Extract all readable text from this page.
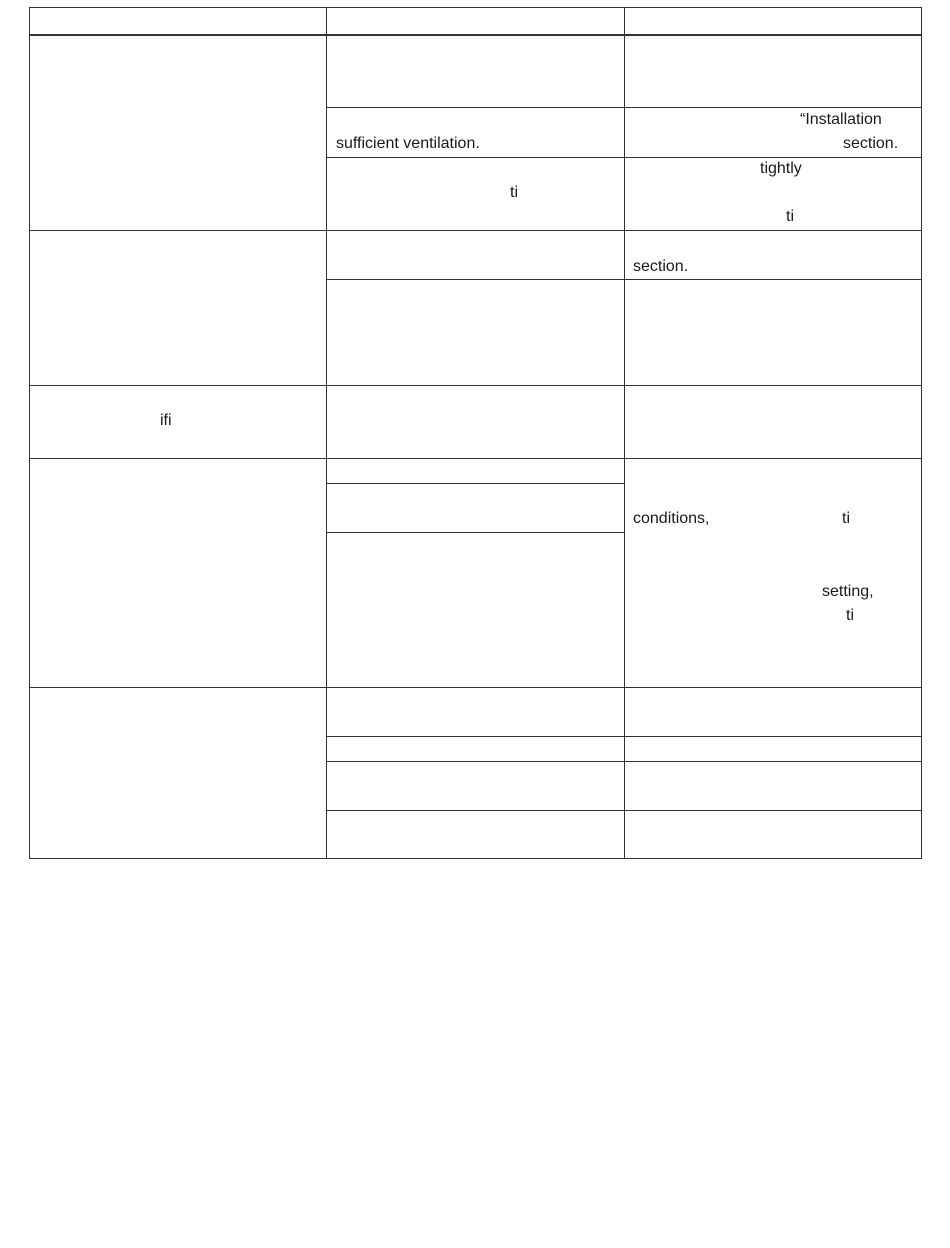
“Installation
sufficient ventilation.	section.
tightly
ti
ti
section.
ifi
conditions,	ti
setting,
ti
